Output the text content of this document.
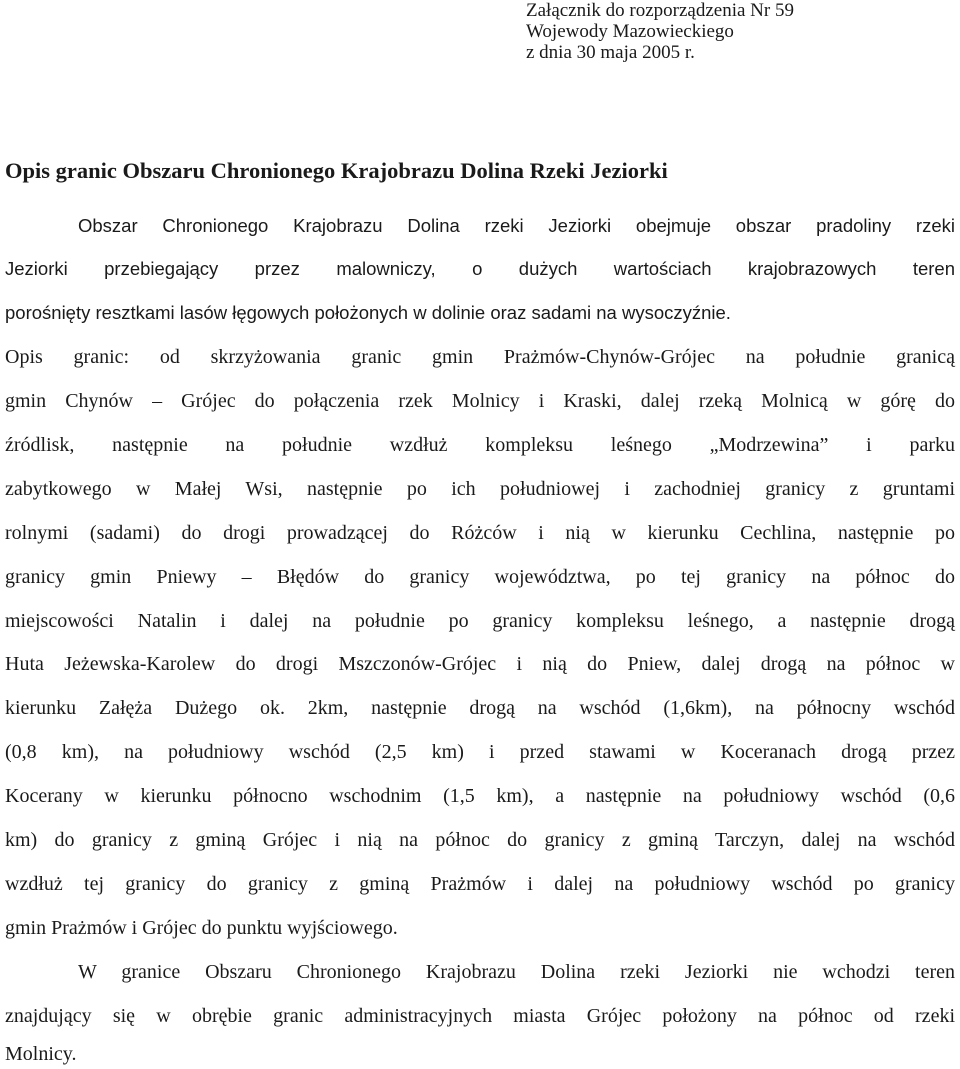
Załącznik do rozporządzenia Nr 59
Wojewody Mazowieckiego
z dnia 30 maja 2005 r.
Opis granic Obszaru Chronionego Krajobrazu Dolina Rzeki Jeziorki
Obszar Chronionego Krajobrazu Dolina rzeki Jeziorki obejmuje obszar pradoliny rzeki
Jeziorki przebiegający przez malowniczy, o dużych wartościach krajobrazowych teren
porośnięty resztkami lasów łęgowych położonych w dolinie oraz sadami na wysoczyźnie.
Opis granic: od skrzyżowania granic gmin Prażmów-Chynów-Grójec na południe granicą
gmin Chynów – Grójec do połączenia rzek Molnicy i Kraski, dalej rzeką Molnicą w górę do
źródlisk, następnie na południe wzdłuż kompleksu leśnego „Modrzewina” i parku
zabytkowego w Małej Wsi, następnie po ich południowej i zachodniej granicy z gruntami
rolnymi (sadami) do drogi prowadzącej do Różców i nią w kierunku Cechlina, następnie po
granicy gmin Pniewy – Błędów do granicy województwa, po tej granicy na północ do
miejscowości Natalin i dalej na południe po granicy kompleksu leśnego, a następnie drogą
Huta Jeżewska-Karolew do drogi Mszczonów-Grójec i nią do Pniew, dalej drogą na północ w
kierunku Załęża Dużego ok. 2km, następnie drogą na wschód (1,6km), na północny wschód
(0,8 km), na południowy wschód (2,5 km) i przed stawami w Koceranach drogą przez
Kocerany w kierunku północno wschodnim (1,5 km), a następnie na południowy wschód (0,6
km) do granicy z gminą Grójec i nią na północ do granicy z gminą Tarczyn, dalej na wschód
wzdłuż tej granicy do granicy z gminą Prażmów i dalej na południowy wschód po granicy
gmin Prażmów i Grójec do punktu wyjściowego.
W granice Obszaru Chronionego Krajobrazu Dolina rzeki Jeziorki nie wchodzi teren
znajdujący się w obrębie granic administracyjnych miasta Grójec położony na północ od rzeki
Molnicy.
